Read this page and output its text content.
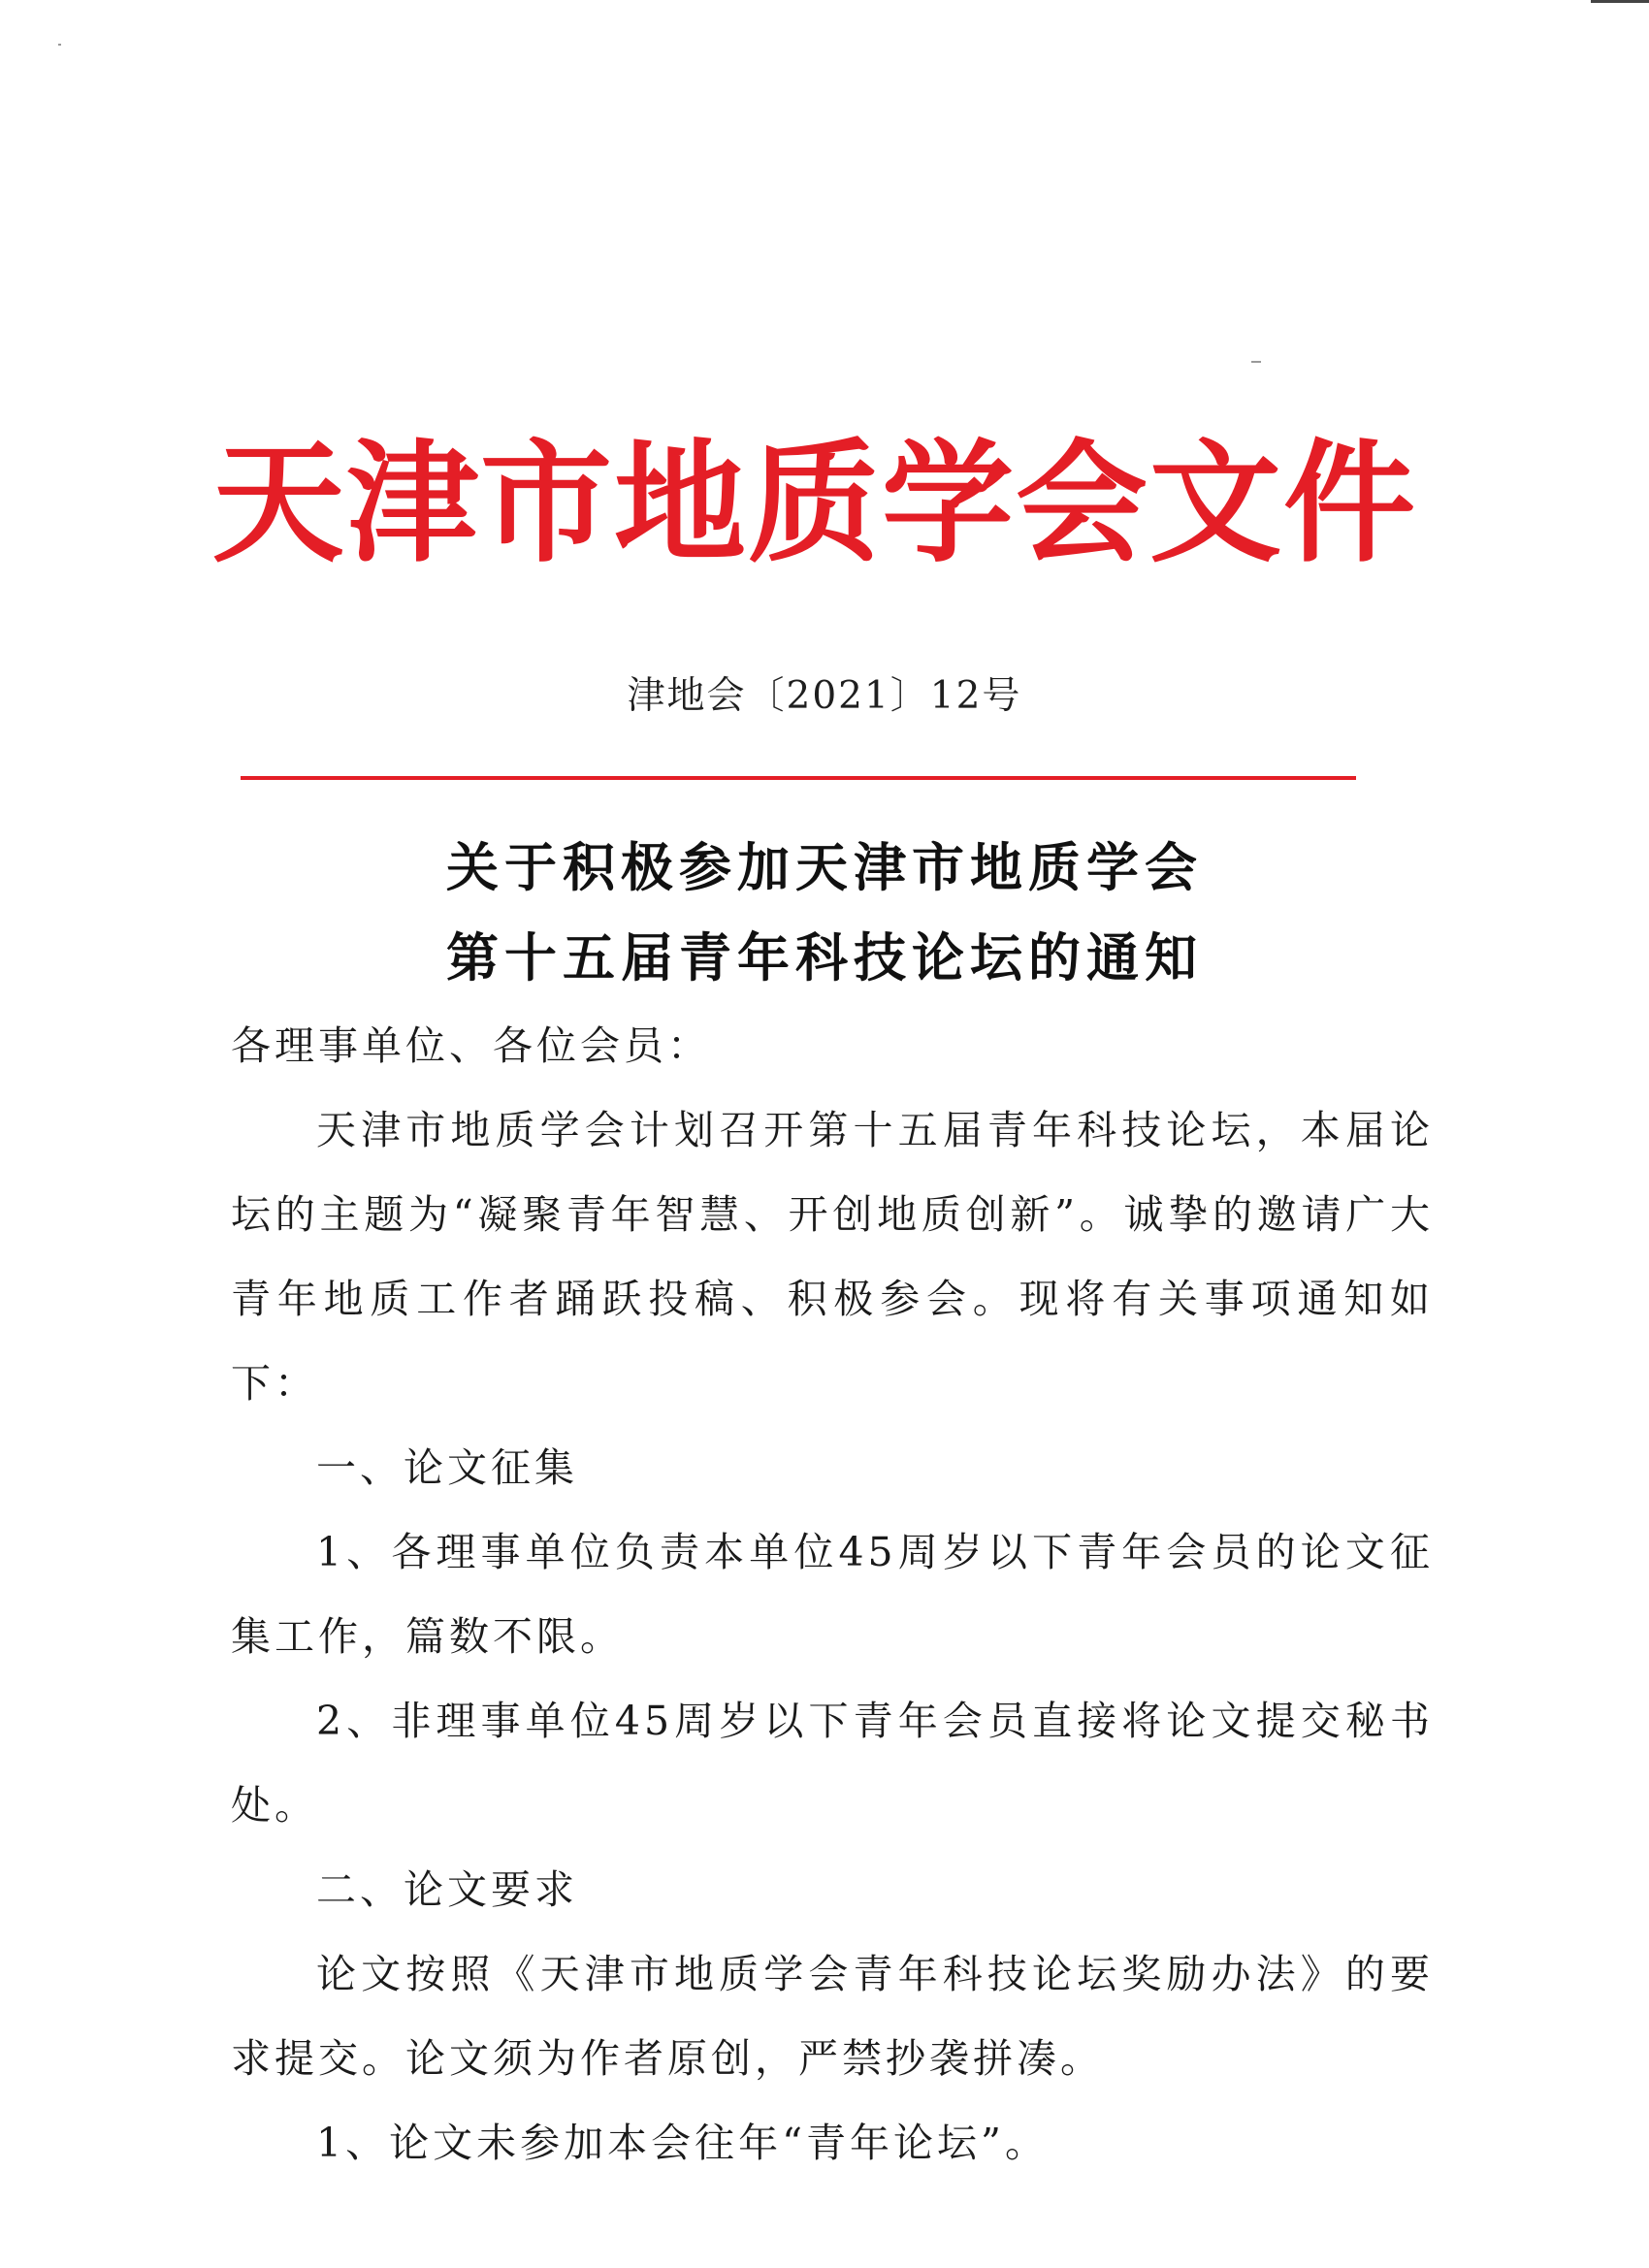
天津市地质学会文件
津地会〔2021〕12号
关于积极参加天津市地质学会
第十五届青年科技论坛的通知

各理事单位、各位会员：

天津市地质学会计划召开第十五届青年科技论坛，本届论坛的主题为“凝聚青年智慧、开创地质创新”。诚挚的邀请广大青年地质工作者踊跃投稿、积极参会。现将有关事项通知如下：

一、论文征集

1、各理事单位负责本单位45周岁以下青年会员的论文征集工作，篇数不限。

2、非理事单位45周岁以下青年会员直接将论文提交秘书处。

二、论文要求

论文按照《天津市地质学会青年科技论坛奖励办法》的要求提交。论文须为作者原创，严禁抄袭拼凑。

1、论文未参加本会往年“青年论坛”。
